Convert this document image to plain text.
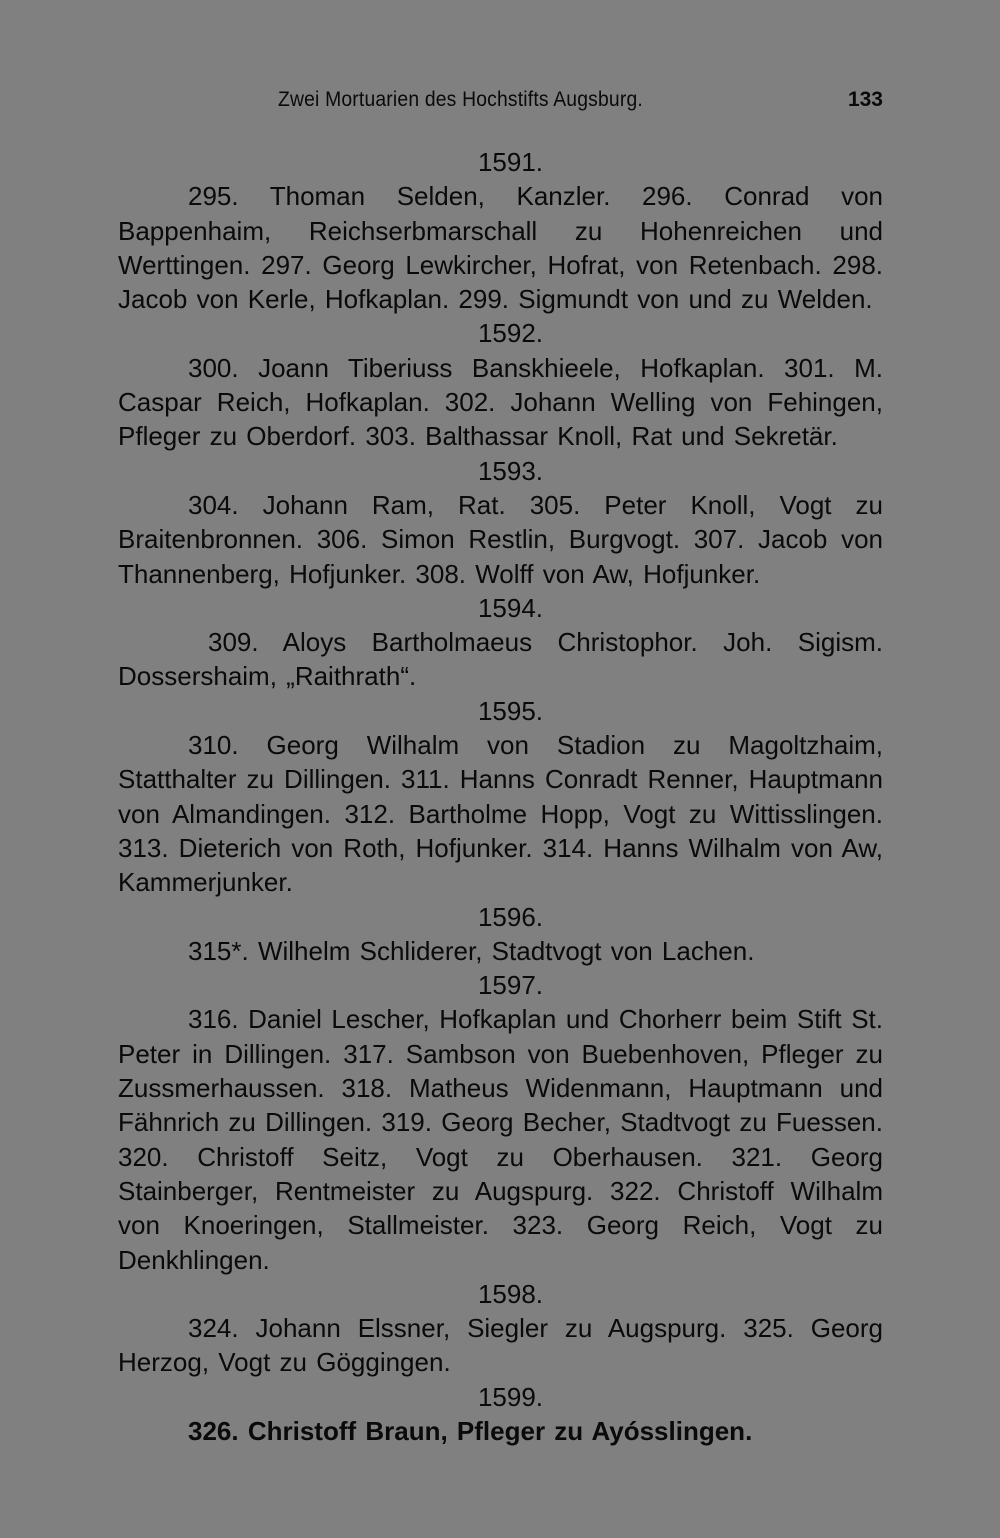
Zwei Mortuarien des Hochstifts Augsburg.	133
1591.
295. Thoman Selden, Kanzler. 296. Conrad von Bappenhaim, Reichserbmarschall zu Hohenreichen und Werttingen. 297. Georg Lewkircher, Hofrat, von Retenbach. 298. Jacob von Kerle, Hofkaplan. 299. Sigmundt von und zu Welden.
1592.
300. Joann Tiberiuss Banskhieele, Hofkaplan. 301. M. Caspar Reich, Hofkaplan. 302. Johann Welling von Fehingen, Pfleger zu Oberdorf. 303. Balthassar Knoll, Rat und Sekretär.
1593.
304. Johann Ram, Rat. 305. Peter Knoll, Vogt zu Braitenbronnen. 306. Simon Restlin, Burgvogt. 307. Jacob von Thannenberg, Hofjunker. 308. Wolff von Aw, Hofjunker.
1594.
309. Aloys Bartholmaeus Christophor. Joh. Sigism. Dossershaim, „Raithrath“.
1595.
310. Georg Wilhalm von Stadion zu Magoltzhaim, Statthalter zu Dillingen. 311. Hanns Conradt Renner, Hauptmann von Almandingen. 312. Bartholme Hopp, Vogt zu Wittisslingen. 313. Dieterich von Roth, Hofjunker. 314. Hanns Wilhalm von Aw, Kammerjunker.
1596.
315*. Wilhelm Schliderer, Stadtvogt von Lachen.
1597.
316. Daniel Lescher, Hofkaplan und Chorherr beim Stift St. Peter in Dillingen. 317. Sambson von Buebenhoven, Pfleger zu Zussmerhaussen. 318. Matheus Widenmann, Hauptmann und Fähnrich zu Dillingen. 319. Georg Becher, Stadtvogt zu Fuessen. 320. Christoff Seitz, Vogt zu Oberhausen. 321. Georg Stainberger, Rentmeister zu Augspurg. 322. Christoff Wilhalm von Knoeringen, Stallmeister. 323. Georg Reich, Vogt zu Denkhlingen.
1598.
324. Johann Elssner, Siegler zu Augspurg. 325. Georg Herzog, Vogt zu Göggingen.
1599.
326. Christoff Braun, Pfleger zu Ayósslingen.
